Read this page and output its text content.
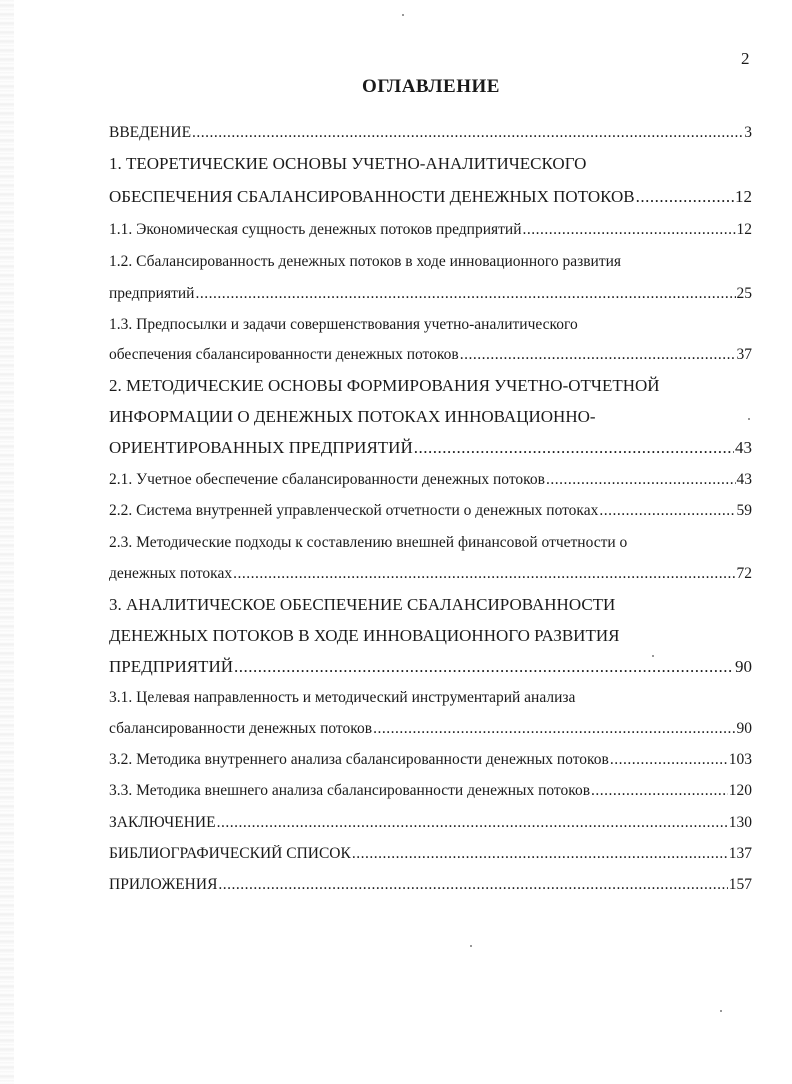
2
ОГЛАВЛЕНИЕ
ВВЕДЕНИЕ .....	3
1. ТЕОРЕТИЧЕСКИЕ ОСНОВЫ УЧЕТНО-АНАЛИТИЧЕСКОГО
ОБЕСПЕЧЕНИЯ СБАЛАНСИРОВАННОСТИ ДЕНЕЖНЫХ ПОТОКОВ .....	12
1.1. Экономическая сущность денежных потоков предприятий .....	12
1.2. Сбалансированность денежных потоков в ходе инновационного развития
предприятий .....	25
1.3. Предпосылки и задачи совершенствования учетно-аналитического
обеспечения сбалансированности денежных потоков .....	37
2. МЕТОДИЧЕСКИЕ ОСНОВЫ ФОРМИРОВАНИЯ УЧЕТНО-ОТЧЕТНОЙ
ИНФОРМАЦИИ О ДЕНЕЖНЫХ ПОТОКАХ ИННОВАЦИОННО-
ОРИЕНТИРОВАННЫХ ПРЕДПРИЯТИЙ .....	43
2.1. Учетное обеспечение сбалансированности денежных потоков .....	43
2.2. Система внутренней управленческой отчетности о денежных потоках .....	59
2.3. Методические подходы к составлению внешней финансовой отчетности о
денежных потоках .....	72
3. АНАЛИТИЧЕСКОЕ ОБЕСПЕЧЕНИЕ СБАЛАНСИРОВАННОСТИ
ДЕНЕЖНЫХ ПОТОКОВ В ХОДЕ ИННОВАЦИОННОГО РАЗВИТИЯ
ПРЕДПРИЯТИЙ .....	90
3.1. Целевая направленность и методический инструментарий анализа
сбалансированности денежных потоков .....	90
3.2. Методика внутреннего анализа сбалансированности денежных потоков .....	103
3.3. Методика внешнего анализа сбалансированности денежных потоков .....	120
ЗАКЛЮЧЕНИЕ .....	130
БИБЛИОГРАФИЧЕСКИЙ СПИСОК .....	137
ПРИЛОЖЕНИЯ .....	157
